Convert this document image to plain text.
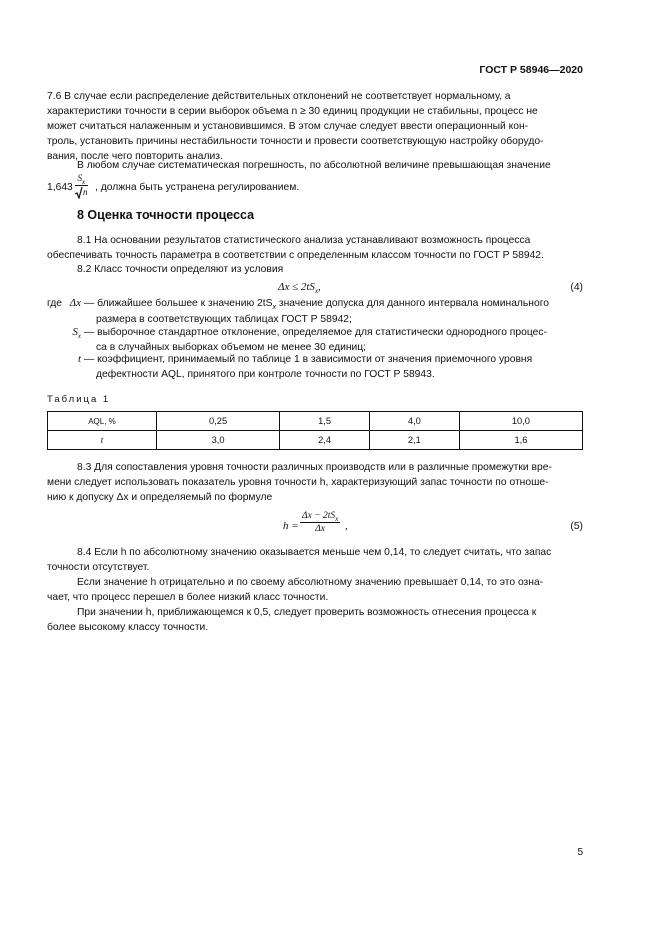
ГОСТ Р 58946—2020
7.6 В случае если распределение действительных отклонений не соответствует нормальному, а
характеристики точности в серии выборок объема n ≥ 30 единиц продукции не стабильны, процесс не
может считаться налаженным и установившимся. В этом случае следует ввести операционный кон-
троль, установить причины нестабильности точности и провести соответствующую настройку оборудо-
вания, после чего повторить анализ.
В любом случае систематическая погрешность, по абсолютной величине превышающая значение
$1,643 \frac{S_x}{n}$ , должна быть устранена регулированием.
8 Оценка точности процесса
8.1 На основании результатов статистического анализа устанавливают возможность процесса
обеспечивать точность параметра в соответствии с определенным классом точности по ГОСТ Р 58942.
8.2 Класс точности определяют из условия
$\Delta x \le 2tS_x$,	(4)
где Δx — ближайшее большее к значению $2tS_x$ значение допуска для данного интервала номинального
размера в соответствующих таблицах ГОСТ Р 58942;
$S_x$ — выборочное стандартное отклонение, определяемое для статистически однородного процес-
са в случайных выборках объемом не менее 30 единиц;
t — коэффициент, принимаемый по таблице 1 в зависимости от значения приемочного уровня
дефектности AQL, принятого при контроле точности по ГОСТ Р 58943.
Таблица 1
AQL, %	0,25	1,5	4,0	10,0
t	3,0	2,4	2,1	1,6
8.3 Для сопоставления уровня точности различных производств или в различные промежутки вре-
мени следует использовать показатель уровня точности h, характеризующий запас точности по отноше-
нию к допуску Δx и определяемый по формуле
h =
$\Delta x - 2tS_x$
Δx	,	(5)
8.4 Если h по абсолютному значению оказывается меньше чем 0,14, то следует считать, что запас
точности отсутствует.
Если значение h отрицательно и по своему абсолютному значению превышает 0,14, то это озна-
чает, что процесс перешел в более низкий класс точности.
При значении h, приближающемся к 0,5, следует проверить возможность отнесения процесса к
более высокому классу точности.
5
